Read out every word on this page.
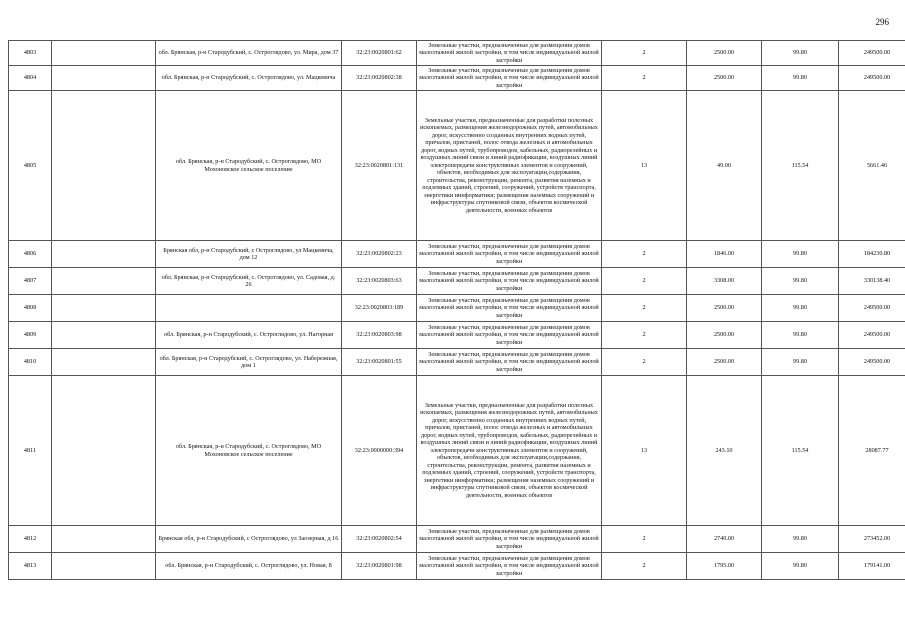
296
4803		обл. Брянская, р-н Стародубский, с. Остроглядово, ул. Мира, дом 37	32:23:0020801:62	Земельные участки, предназначенные для размещения домов малоэтажной жилой застройки, в том числе индивидуальной жилой застройки	2	2500.00	99.80	249500.00
4804		обл. Брянская, р-н Стародубский, с. Остроглядово, ул. Мацкевича	32:23:0020802:38	Земельные участки, предназначенные для размещения домов малоэтажной жилой застройки, в том числе индивидуальной жилой застройки	2	2500.00	99.80	249500.00
4805		обл. Брянская, р-н Стародубский, с. Остроглядово, МО Мохоновское сельское поселение	32:23:0020801:131	Земельные участки, предназначенные для разработки полезных ископаемых, размещения железнодорожных путей, автомобильных дорог, искусственно созданных внутренних водных путей, причалов, пристаней, полос отвода железных и автомобильных дорог, водных путей, трубопроводов, кабельных, радиорелейных и воздушных линий связи и линий радиофикации, воздушных линий электропередачи конструктивных элементов и сооружений, объектов, необходимых для эксплуатации,содержания, строительства, реконструкции, ремонта, развития наземных и подземных зданий, строений, сооружений, устройств транспорта, энергетики иинформатики; размещения наземных сооружений и инфраструктуры спутниковой связи, объектов космической деятельности, военных объектов	13	49.00	115.54	5661.46
4806		Брянская обл, р-н Стародубский, с Остроглядово, ул Мацкевича, дом 12	32:23:0020802:23	Земельные участки, предназначенные для размещения домов малоэтажной жилой застройки, в том числе индивидуальной жилой застройки	2	1846.00	99.80	184230.80
4807		обл. Брянская, р-н Стародубский, с. Остроглядово, ул. Садовая, д. 26	32:23:0020803:63	Земельные участки, предназначенные для размещения домов малоэтажной жилой застройки, в том числе индивидуальной жилой застройки	2	3308.00	99.80	330138.40
4808			32:23:0020803:189	Земельные участки, предназначенные для размещения домов малоэтажной жилой застройки, в том числе индивидуальной жилой застройки	2	2500.00	99.80	249500.00
4809		обл. Брянская, р-н Стародубский, с. Остроглядово, ул. Нагорная	32:23:0020803:98	Земельные участки, предназначенные для размещения домов малоэтажной жилой застройки, в том числе индивидуальной жилой застройки	2	2500.00	99.80	249500.00
4810		обл. Брянская, р-н Стародубский, с. Остроглядово, ул. Набережная, дом 1	32:23:0020801:55	Земельные участки, предназначенные для размещения домов малоэтажной жилой застройки, в том числе индивидуальной жилой застройки	2	2500.00	99.80	249500.00
4811		обл. Брянская, р-н Стародубский, с. Остроглядово, МО Мохоновское сельское поселение	32:23:0000000:394	Земельные участки, предназначенные для разработки полезных ископаемых, размещения железнодорожных путей, автомобильных дорог, искусственно созданных внутренних водных путей, причалов, пристаней, полос отвода железных и автомобильных дорог, водных путей, трубопроводов, кабельных, радиорелейных и воздушных линий связи и линий радиофикации, воздушных линий электропередачи конструктивных элементов и сооружений, объектов, необходимых для эксплуатации,содержания, строительства, реконструкции, ремонта, развития наземных и подземных зданий, строений, сооружений, устройств транспорта, энергетики иинформатики; размещения наземных сооружений и инфраструктуры спутниковой связи, объектов космической деятельности, военных объектов	13	243.10	115.54	28087.77
4812		Брянская обл, р-н Стародубский, с Остроглядово, ул Заозерная, д 16	32:23:0020802:54	Земельные участки, предназначенные для размещения домов малоэтажной жилой застройки, в том числе индивидуальной жилой застройки	2	2740.00	99.80	273452.00
4813		обл. Брянская, р-н Стародубский, с. Остроглядово, ул. Новая, 8	32:23:0020801:98	Земельные участки, предназначенные для размещения домов малоэтажной жилой застройки, в том числе индивидуальной жилой застройки	2	1795.00	99.80	179141.00
